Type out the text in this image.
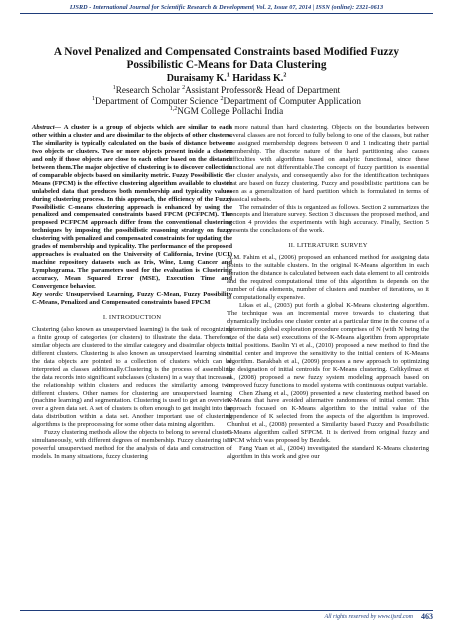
IJSRD - International Journal for Scientific Research & Development| Vol. 2, Issue 07, 2014 | ISSN (online): 2321-0613
A Novel Penalized and Compensated Constraints based Modified Fuzzy
Possibilistic C-Means for Data Clustering
Duraisamy K.$^1$ Haridass K.$^2$
$^1$Research Scholar $^2$Assistant Professor& Head of Department
$^1$Department of Computer Science $^2$Department of Computer Application
$^{1,2}$NGM College Pollachi India

Abstract— A cluster is a group of objects which are similar to each other within a cluster and are dissimilar to the objects of other clusters. The similarity is typically calculated on the basis of distance between two objects or clusters. Two or more objects present inside a cluster and only if those objects are close to each other based on the distance between them.The major objective of clustering is to discover collection of comparable objects based on similarity metric. Fuzzy Possibilistic C-Means (FPCM) is the effective clustering algorithm available to cluster unlabeled data that produces both membership and typicality values during clustering process. In this approach, the efficiency of the Fuzzy Possibilistic C-means clustering approach is enhanced by using the penalized and compensated constraints based FPCM (PCFPCM). The proposed PCFPCM approach differ from the conventional clustering techniques by imposing the possibilistic reasoning strategy on fuzzy clustering with penalized and compensated constraints for updating the grades of membership and typicality. The performance of the proposed approaches is evaluated on the University of California, Irvine (UCI) machine repository datasets such as Iris, Wine, Lung Cancer and Lymphograma. The parameters used for the evaluation is Clustering accuracy, Mean Squared Error (MSE), Execution Time and Convergence behavior.

Key words: Unsupervised Learning, Fuzzy C-Mean, Fuzzy Possibility C-Means, Penalized and Compensated constraints based FPCM

I. INTRODUCTION

Clustering (also known as unsupervised learning) is the task of recognizing a finite group of categories (or clusters) to illustrate the data. Therefore, similar objects are clustered to the similar category and dissimilar objects to different clusters. Clustering is also known as unsupervised learning since the data objects are pointed to a collection of clusters which can be interpreted as classes additionally.Clustering is the process of assembling the data records into significant subclasses (clusters) in a way that increases the relationship within clusters and reduces the similarity among two different clusters. Other names for clustering are unsupervised learning (machine learning) and segmentation. Clustering is used to get an overview over a given data set. A set of clusters is often enough to get insight into the data distribution within a data set. Another important use of clustering algorithms is the preprocessing for some other data mining algorithm.

Fuzzy clustering methods allow the objects to belong to several clusters simultaneously, with different degrees of membership. Fuzzy clustering is a powerful unsupervised method for the analysis of data and construction of models. In many situations, fuzzy clustering

is more natural than hard clustering. Objects on the boundaries between several classes are not forced to fully belong to one of the classes, but rather are assigned membership degrees between 0 and 1 indicating their partial membership. The discrete nature of the hard partitioning also causes difficulties with algorithms based on analytic functional, since these functional are not differentiable.The concept of fuzzy partition is essential for cluster analysis, and consequently also for the identification techniques that are based on fuzzy clustering. Fuzzy and possibilistic partitions can be seen as a generalization of hard partition which is formulated in terms of classical subsets.

The remainder of this is organized as follows. Section 2 summarizes the concepts and literature survey. Section 3 discusses the proposed method, and section 4 provides the experiments with high accuracy. Finally, Section 5 presents the conclusions of the work.

II. LITERATURE SURVEY

A.M. Fahim et al., (2006) proposed an enhanced method for assigning data points to the suitable clusters. In the original K-Means algorithm in each iteration the distance is calculated between each data element to all centroids and the required computational time of this algorithm is depends on the number of data elements, number of clusters and number of iterations, so it is computationally expensive.

Likas et al., (2003) put forth a global K-Means clustering algorithm. The technique was an incremental move towards to clustering that dynamically includes one cluster center at a particular time in the course of a deterministic global exploration procedure comprises of N (with N being the size of the data set) executions of the K-Means algorithm from appropriate initial positions. Baolin Yi et al., (2010) proposed a new method to find the initial center and improve the sensitivity to the initial centers of K-Means algorithm. Barakbah et al., (2009) proposes a new approach to optimizing the designation of initial centroids for K-Means clustering. Celikyilmaz et al., (2008) proposed a new fuzzy system modeling approach based on improved fuzzy functions to model systems with continuous output variable.

Chen Zhang et al., (2009) presented a new clustering method based on K-Means that have avoided alternative randomness of initial center. This approach focused on K-Means algorithm to the initial value of the dependence of K selected from the aspects of the algorithm is improved. Chunhui et al., (2008) presented a Similarity based Fuzzy and Possibilistic C-Means algorithm called SFPCM. It is derived from original fuzzy and FPCM which was proposed by Bezdek.

Fang Yuan et al., (2004) investigated the standard K-Means clustering algorithm in this work and give our

All rights reserved by www.ijsrd.com 463
